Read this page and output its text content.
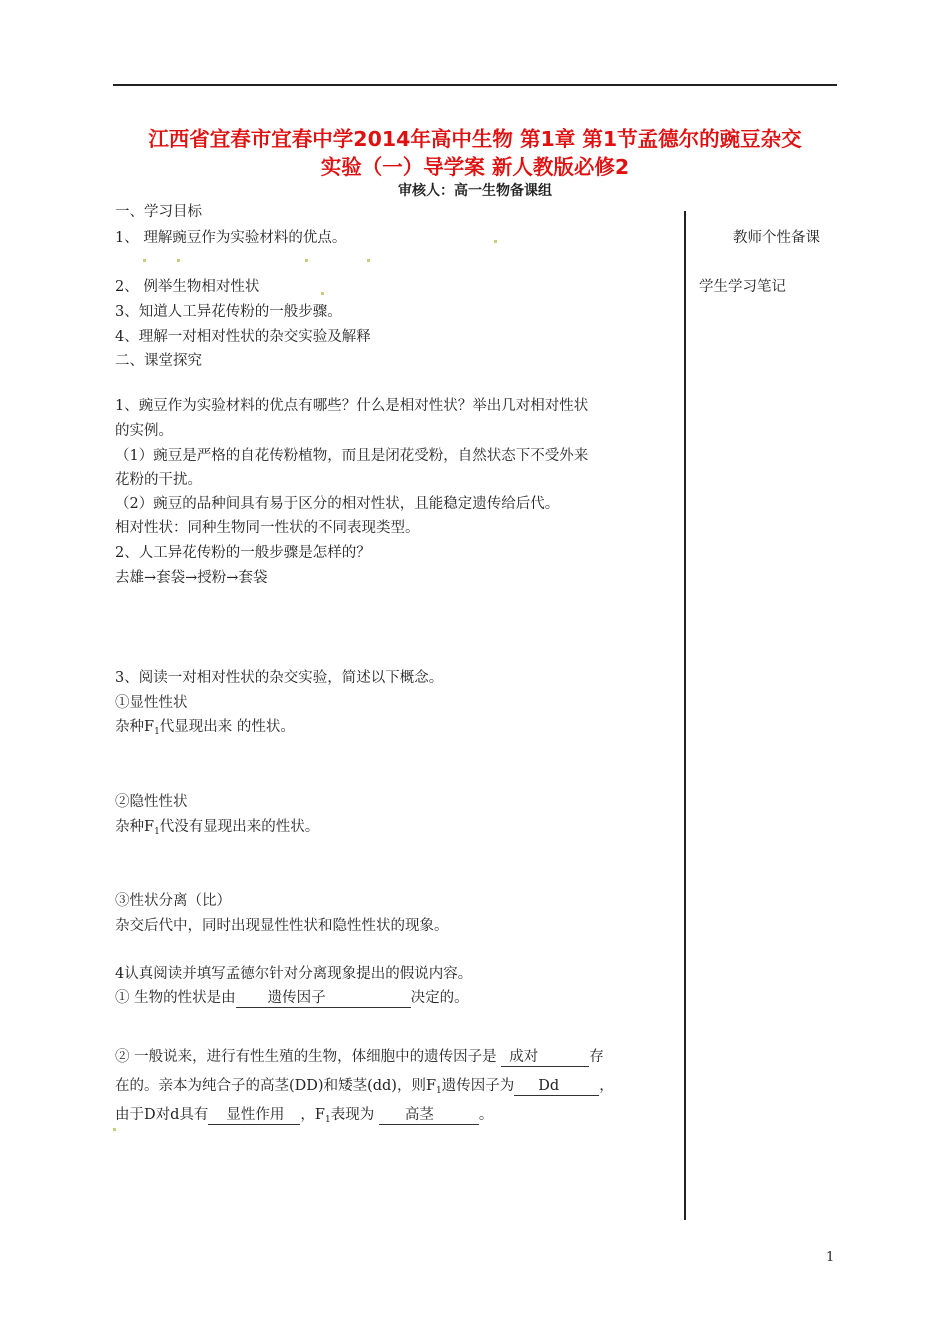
江西省宜春市宜春中学2014年高中生物 第1章 第1节孟德尔的豌豆杂交
实验（一）导学案 新人教版必修2
审核人：高一生物备课组
教师个性备课
学生学习笔记
一、学习目标
1、 理解豌豆作为实验材料的优点。
2、 例举生物相对性状
3、知道人工异花传粉的一般步骤。
4、理解一对相对性状的杂交实验及解释
二、课堂探究
1、豌豆作为实验材料的优点有哪些？什么是相对性状？举出几对相对性状
的实例。
（1）豌豆是严格的自花传粉植物，而且是闭花受粉，自然状态下不受外来
花粉的干扰。
（2）豌豆的品种间具有易于区分的相对性状，且能稳定遗传给后代。
相对性状：同种生物同一性状的不同表现类型。
2、人工异花传粉的一般步骤是怎样的？
去雄→套袋→授粉→套袋
3、阅读一对相对性状的杂交实验，简述以下概念。
①显性性状
杂种$F_1$代显现出来 的性状。
②隐性性状
杂种$F_1$代没有显现出来的性状。
③性状分离（比）
杂交后代中，同时出现显性性状和隐性性状的现象。
4认真阅读并填写孟德尔针对分离现象提出的假说内容。
① 生物的性状是由 遗传因子	决定的。
② 一般说来，进行有性生殖的生物，体细胞中的遗传因子是 成对	存
在的。亲本为纯合子的高茎(DD)和矮茎(dd)，则$F_1$遗传因子为 Dd	，
由于D对d具有 显性作用 ，$F_1$表现为 高茎	。
1
